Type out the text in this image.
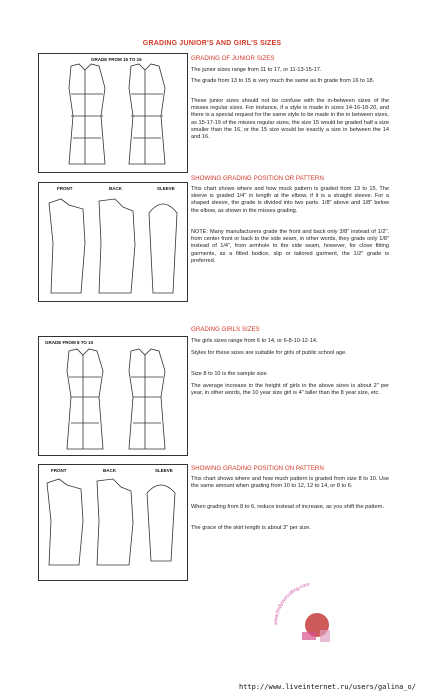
GRADING JUNIOR'S AND GIRL'S SIZES
GRADE FROM 15 TO 15	GRADING OF JUNIOR SIZES
The junior sizes range from 11 to 17, or 11-13-15-17.
The grade from 13 to 15 is very much the same as th grade from 16 to 18.
These junior sizes should not be confuse with the in-between sizes of the misses regular sizes. For instance, if a style is made in sizes 14-16-18-20, and there is a special request for the same style to be made in the in between sizes, as 15-17-19 of the misses regular sizes, the size 15 would be graded half a size smaller than the 16, or the 15 size would be exactly a size in between the 14 and 16.
FRONT	BACK	SLEEVE
SHOWING GRADING POSITION OR PATTERN
This chart shows where and how muck pattern is graded from 13 to 15. The sleeve is graded 1/4" in length at the elbow, if it is a straight sleeve. For a shaped sleeve, the grade is divided into two parts. 1/8" above and 1/8" below the elbow, as shown in the misses grading.
NOTE: Many manufacturers grade the front and back only 3/8" instead of 1/2". from center front or back to the side seam, in other words, they grade only 1/8" instead of 1/4", from armhole to the side seam, however, for close fitting garments, as a fitted bodice, slip or tailored garment, the 1/2" grade is preferred.
GRADE FROM 8 TO 10
GRADING GIRLS SIZES
The girls sizes range from 6 to 14, or 6-8-10-12-14.
Styles for these sizes are suitable for girls of public school age.
Size 8 to 10 is the sample size.
The average increase in the height of girls in the above sizes is about 2" per year, in other words, the 10 year size girl is 4" taller than the 8 year size, etc.
FRONT	BACK	SLEEVE	SHOWING GRADING POSITION ON PATTERN
This chart shows where and how much pattern is graded from size 8 to 10. Use the same amount when grading from 10 to 12, 12 to 14, or 8 to 6.
When grading from 8 to 6, reduce instead of increase, as you shift the pattern.
The grace of the skirt length is about 3" per size.
www.findyourcutting.com
http://www.liveinternet.ru/users/galina_o/
